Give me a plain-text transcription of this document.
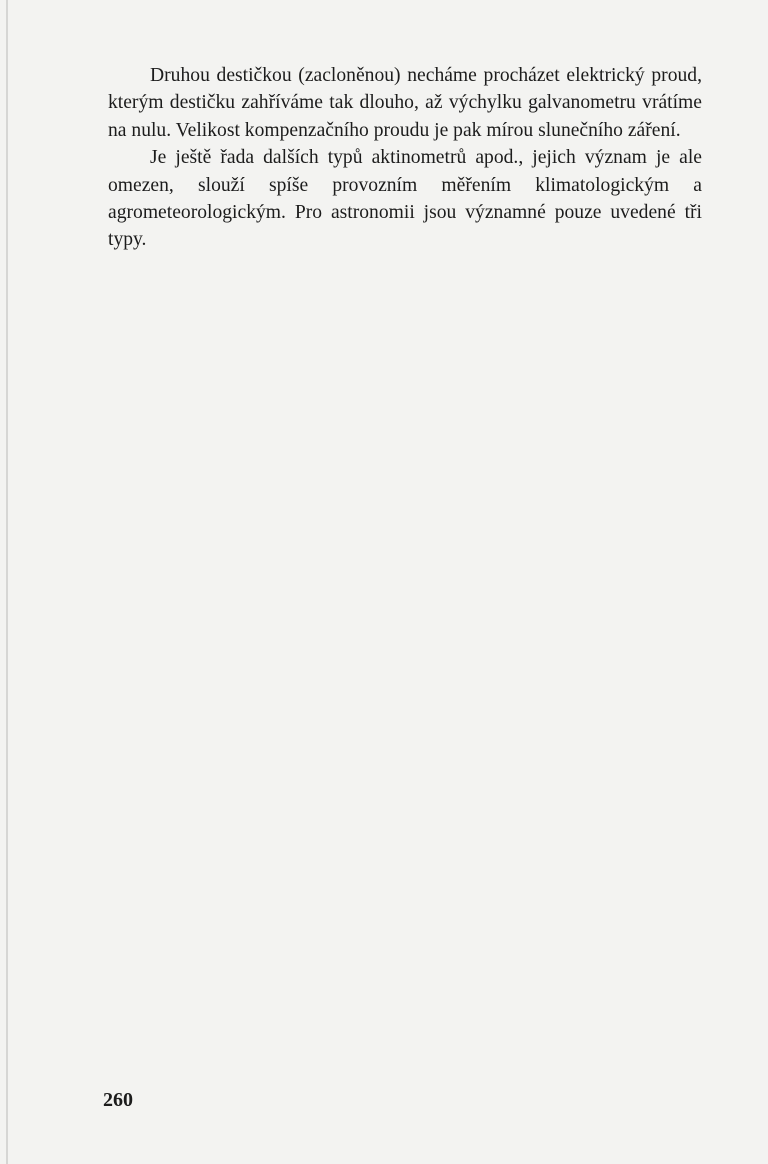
Druhou destičkou (zacloněnou) necháme procházet elektrický proud, kterým destičku zahříváme tak dlouho, až výchylku galvanometru vrátíme na nulu. Velikost kompenzačního proudu je pak mírou slunečního záření.

Je ještě řada dalších typů aktinometrů apod., jejich význam je ale omezen, slouží spíše provozním měřením klimatologickým a agrometeorologickým. Pro astronomii jsou významné pouze uvedené tři typy.

260
